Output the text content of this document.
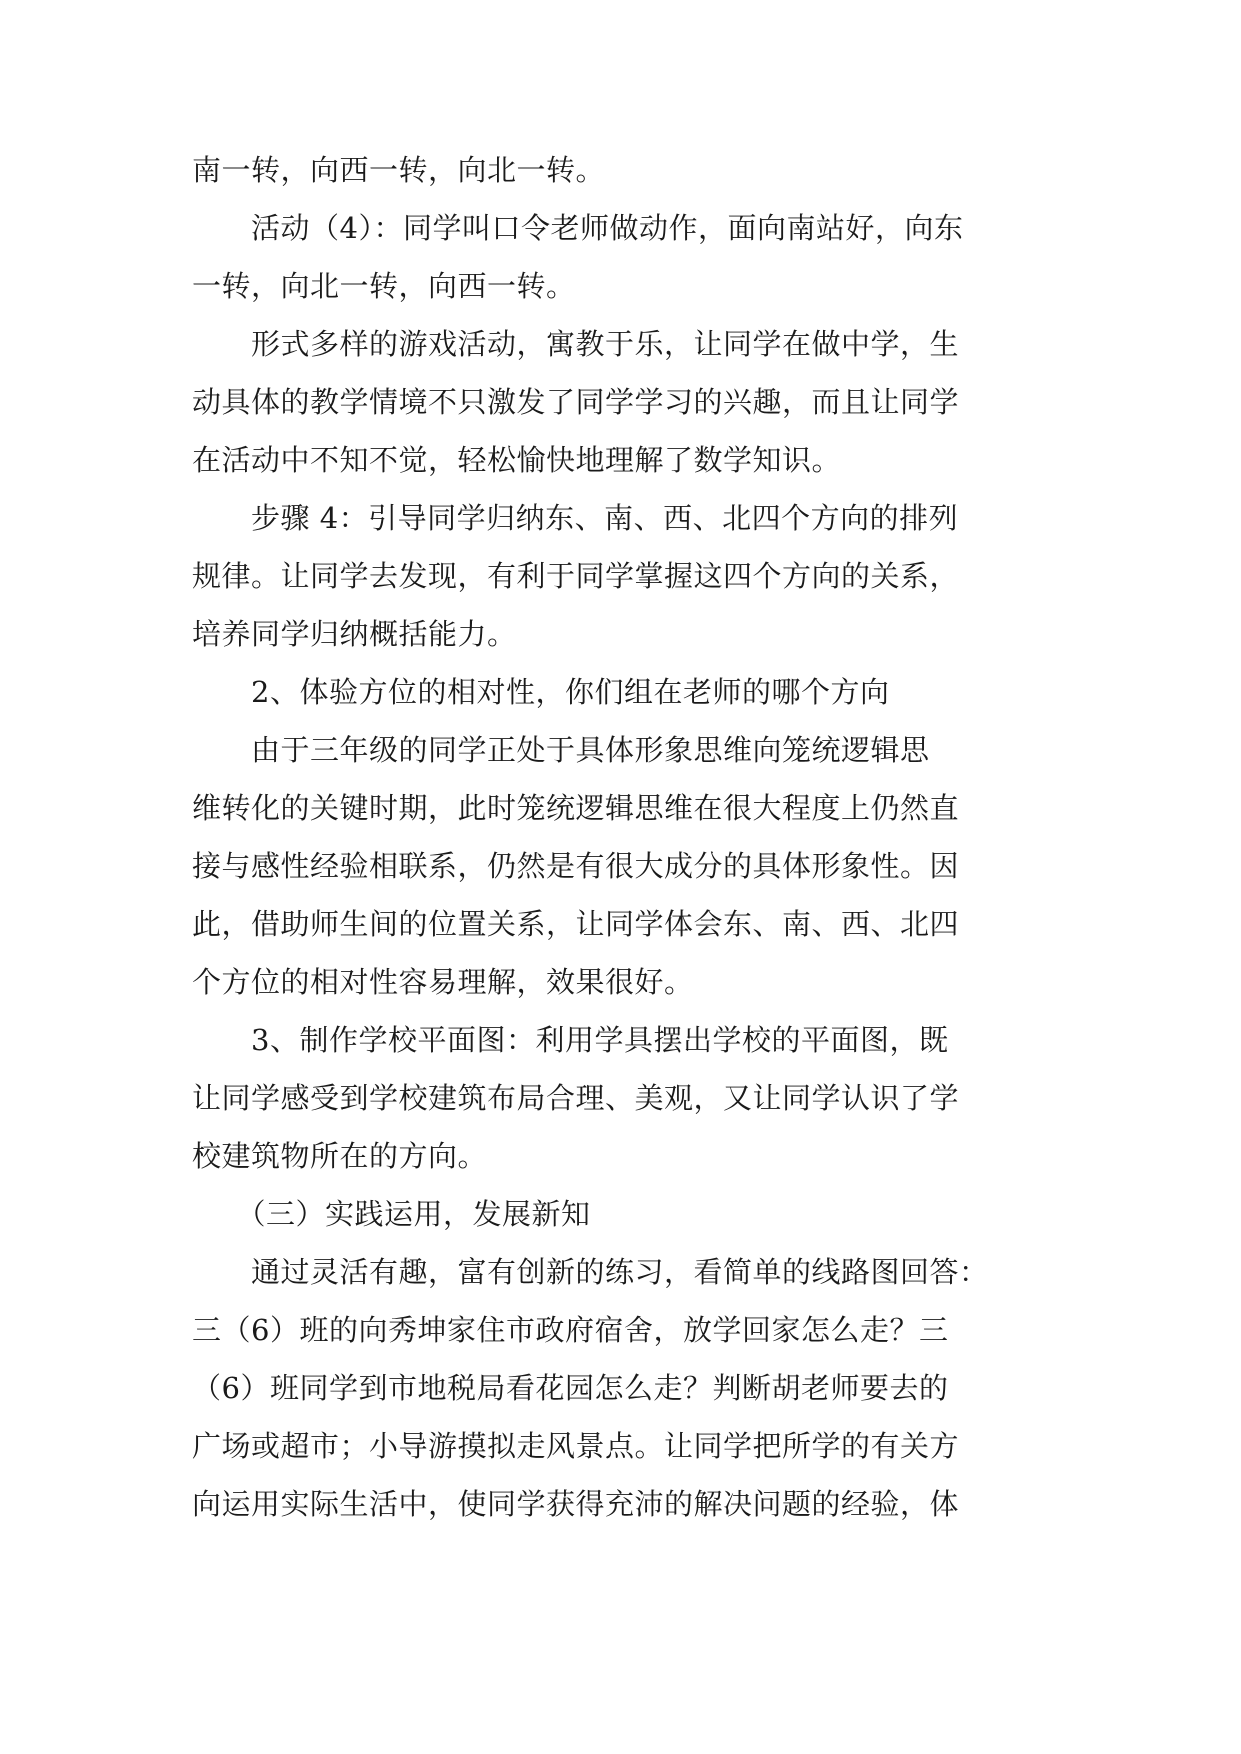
南一转，向西一转，向北一转。
　　活动（4）：同学叫口令老师做动作，面向南站好，向东
一转，向北一转，向西一转。
　　形式多样的游戏活动，寓教于乐，让同学在做中学，生
动具体的教学情境不只激发了同学学习的兴趣，而且让同学
在活动中不知不觉，轻松愉快地理解了数学知识。
　　步骤 4：引导同学归纳东、南、西、北四个方向的排列
规律。让同学去发现，有利于同学掌握这四个方向的关系，
培养同学归纳概括能力。
　　2、体验方位的相对性，你们组在老师的哪个方向
　　由于三年级的同学正处于具体形象思维向笼统逻辑思
维转化的关键时期，此时笼统逻辑思维在很大程度上仍然直
接与感性经验相联系，仍然是有很大成分的具体形象性。因
此，借助师生间的位置关系，让同学体会东、南、西、北四
个方位的相对性容易理解，效果很好。
　　3、制作学校平面图：利用学具摆出学校的平面图，既
让同学感受到学校建筑布局合理、美观，又让同学认识了学
校建筑物所在的方向。
　　（三）实践运用，发展新知
　　通过灵活有趣，富有创新的练习，看简单的线路图回答：
三（6）班的向秀坤家住市政府宿舍，放学回家怎么走？三
（6）班同学到市地税局看花园怎么走？判断胡老师要去的
广场或超市；小导游摸拟走风景点。让同学把所学的有关方
向运用实际生活中，使同学获得充沛的解决问题的经验，体
